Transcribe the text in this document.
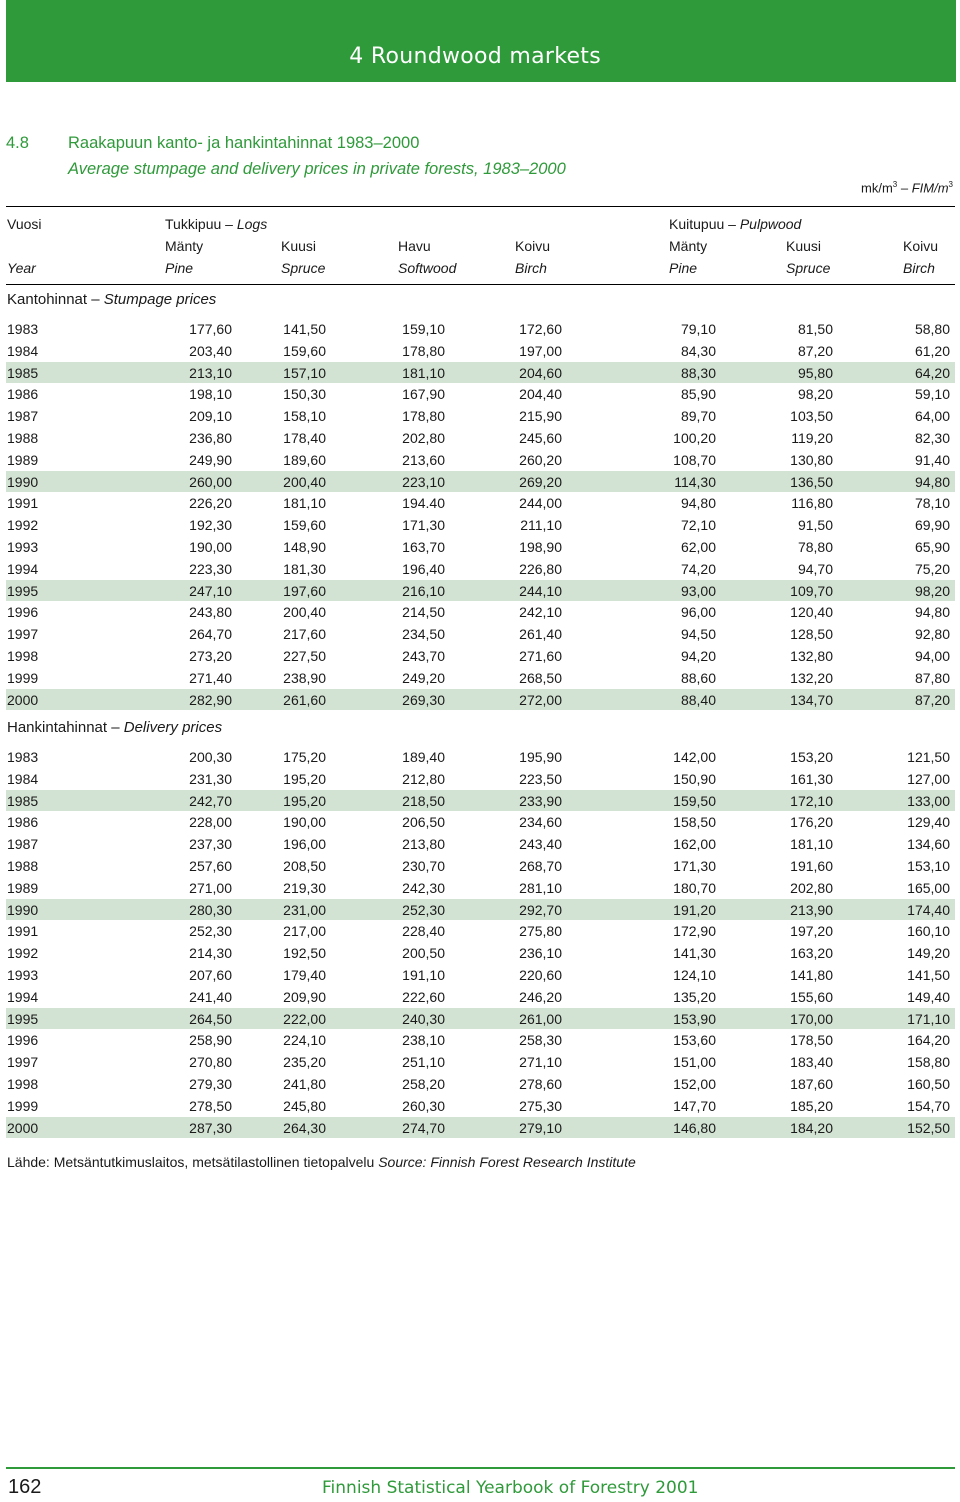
4 Roundwood markets
4.8 Raakapuun kanto- ja hankintahinnat 1983–2000
Average stumpage and delivery prices in private forests, 1983–2000
$mk/m^3 - FIM/m^3$
Vuosi	Tukkipuu – Logs	Kuitupuu – Pulpwood
Mänty	Kuusi	Havu	Koivu	Mänty	Kuusi	Koivu
Year	Pine	Spruce	Softwood	Birch	Pine	Spruce	Birch
Kantohinnat – Stumpage prices
1983	177,60	141,50	159,10	172,60	79,10	81,50	58,80
1984	203,40	159,60	178,80	197,00	84,30	87,20	61,20
1985	213,10	157,10	181,10	204,60	88,30	95,80	64,20
1986	198,10	150,30	167,90	204,40	85,90	98,20	59,10
1987	209,10	158,10	178,80	215,90	89,70	103,50	64,00
1988	236,80	178,40	202,80	245,60	100,20	119,20	82,30
1989	249,90	189,60	213,60	260,20	108,70	130,80	91,40
1990	260,00	200,40	223,10	269,20	114,30	136,50	94,80
1991	226,20	181,10	194.40	244,00	94,80	116,80	78,10
1992	192,30	159,60	171,30	211,10	72,10	91,50	69,90
1993	190,00	148,90	163,70	198,90	62,00	78,80	65,90
1994	223,30	181,30	196,40	226,80	74,20	94,70	75,20
1995	247,10	197,60	216,10	244,10	93,00	109,70	98,20
1996	243,80	200,40	214,50	242,10	96,00	120,40	94,80
1997	264,70	217,60	234,50	261,40	94,50	128,50	92,80
1998	273,20	227,50	243,70	271,60	94,20	132,80	94,00
1999	271,40	238,90	249,20	268,50	88,60	132,20	87,80
2000	282,90	261,60	269,30	272,00	88,40	134,70	87,20
Hankintahinnat – Delivery prices
1983	200,30	175,20	189,40	195,90	142,00	153,20	121,50
1984	231,30	195,20	212,80	223,50	150,90	161,30	127,00
1985	242,70	195,20	218,50	233,90	159,50	172,10	133,00
1986	228,00	190,00	206,50	234,60	158,50	176,20	129,40
1987	237,30	196,00	213,80	243,40	162,00	181,10	134,60
1988	257,60	208,50	230,70	268,70	171,30	191,60	153,10
1989	271,00	219,30	242,30	281,10	180,70	202,80	165,00
1990	280,30	231,00	252,30	292,70	191,20	213,90	174,40
1991	252,30	217,00	228,40	275,80	172,90	197,20	160,10
1992	214,30	192,50	200,50	236,10	141,30	163,20	149,20
1993	207,60	179,40	191,10	220,60	124,10	141,80	141,50
1994	241,40	209,90	222,60	246,20	135,20	155,60	149,40
1995	264,50	222,00	240,30	261,00	153,90	170,00	171,10
1996	258,90	224,10	238,10	258,30	153,60	178,50	164,20
1997	270,80	235,20	251,10	271,10	151,00	183,40	158,80
1998	279,30	241,80	258,20	278,60	152,00	187,60	160,50
1999	278,50	245,80	260,30	275,30	147,70	185,20	154,70
2000	287,30	264,30	274,70	279,10	146,80	184,20	152,50
Lähde: Metsäntutkimuslaitos, metsätilastollinen tietopalvelu Source: Finnish Forest Research Institute
162	Finnish Statistical Yearbook of Forestry 2001
